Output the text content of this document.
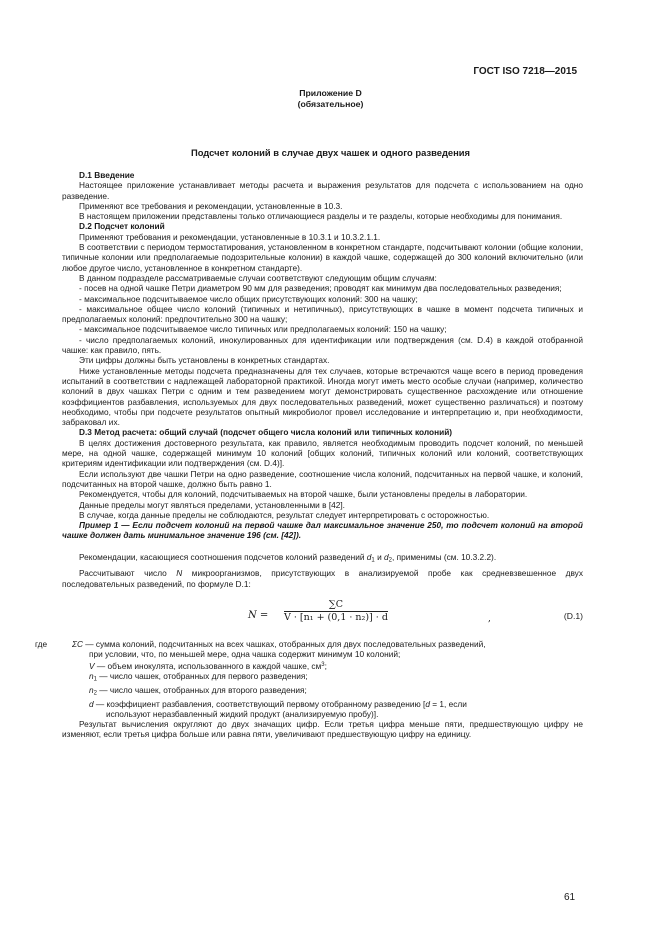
ГОСТ ISO 7218—2015
Приложение D
(обязательное)
Подсчет колоний в случае двух чашек и одного разведения

D.1 Введение

Настоящее приложение устанавливает методы расчета и выражения результатов для подсчета с использованием на одно разведение.

Применяют все требования и рекомендации, установленные в 10.3.

В настоящем приложении представлены только отличающиеся разделы и те разделы, которые необходимы для понимания.

D.2 Подсчет колоний

Применяют требования и рекомендации, установленные в 10.3.1 и 10.3.2.1.1.

В соответствии с периодом термостатирования, установленном в конкретном стандарте, подсчитывают колонии (общие колонии, типичные колонии или предполагаемые подозрительные колонии) в каждой чашке, содержащей до 300 колоний включительно (или любое другое число, установленное в конкретном стандарте).

В данном подразделе рассматриваемые случаи соответствуют следующим общим случаям:

- посев на одной чашке Петри диаметром 90 мм для разведения; проводят как минимум два последовательных разведения;

- максимальное подсчитываемое число общих присутствующих колоний: 300 на чашку;

- максимальное общее число колоний (типичных и нетипичных), присутствующих в чашке в момент подсчета типичных и предполагаемых колоний: предпочтительно 300 на чашку;

- максимальное подсчитываемое число типичных или предполагаемых колоний: 150 на чашку;

- число предполагаемых колоний, инокулированных для идентификации или подтверждения (см. D.4) в каждой отобранной чашке: как правило, пять.

Эти цифры должны быть установлены в конкретных стандартах.

Ниже установленные методы подсчета предназначены для тех случаев, которые встречаются чаще всего в период проведения испытаний в соответствии с надлежащей лабораторной практикой. Иногда могут иметь место особые случаи (например, количество колоний в двух чашках Петри с одним и тем разведением могут демонстрировать существенное расхождение или отношение коэффициентов разбавления, используемых для двух последовательных разведений, может существенно различаться) и поэтому необходимо, чтобы при подсчете результатов опытный микробиолог провел исследование и интерпретацию и, при необходимости, забраковал их.

D.3 Метод расчета: общий случай (подсчет общего числа колоний или типичных колоний)

В целях достижения достоверного результата, как правило, является необходимым проводить подсчет колоний, по меньшей мере, на одной чашке, содержащей минимум 10 колоний [общих колоний, типичных колоний или колоний, соответствующих критериям идентификации или подтверждения (см. D.4)].

Если используют две чашки Петри на одно разведение, соотношение числа колоний, подсчитанных на первой чашке, и колоний, подсчитанных на второй чашке, должно быть равно 1.

Рекомендуется, чтобы для колоний, подсчитываемых на второй чашке, были установлены пределы в лаборатории.

Данные пределы могут являться пределами, установленными в [42].

В случае, когда данные пределы не соблюдаются, результат следует интерпретировать с осторожностью.

Пример 1 — Если подсчет колоний на первой чашке дал максимальное значение 250, то подсчет колоний на второй чашке должен дать минимальное значение 196 (см. [42]).

Рекомендации, касающиеся соотношения подсчетов колоний разведений $d_1$ и $d_2$, применимы (см. 10.3.2.2).

Рассчитывают число N микроорганизмов, присутствующих в анализируемой пробе как средневзвешенное двух последовательных разведений, по формуле D.1:

N =
∑C
V · [n₁ + (0,1 · n₂)] · d	,	(D.1)
где	ΣC — сумма колоний, подсчитанных на всех чашках, отобранных для двух последовательных разведений,

при условии, что, по меньшей мере, одна чашка содержит минимум 10 колоний;

V — объем инокулята, использованного в каждой чашке, $см^3$;

$n_1$ — число чашек, отобранных для первого разведения;

$n_2$ — число чашек, отобранных для второго разведения;

d — коэффициент разбавления, соответствующий первому отобранному разведению [d = 1, если

используют неразбавленный жидкий продукт (анализируемую пробу)].

Результат вычисления округляют до двух значащих цифр. Если третья цифра меньше пяти, предшествующую цифру не изменяют, если третья цифра больше или равна пяти, увеличивают предшествующую цифру на единицу.

61
